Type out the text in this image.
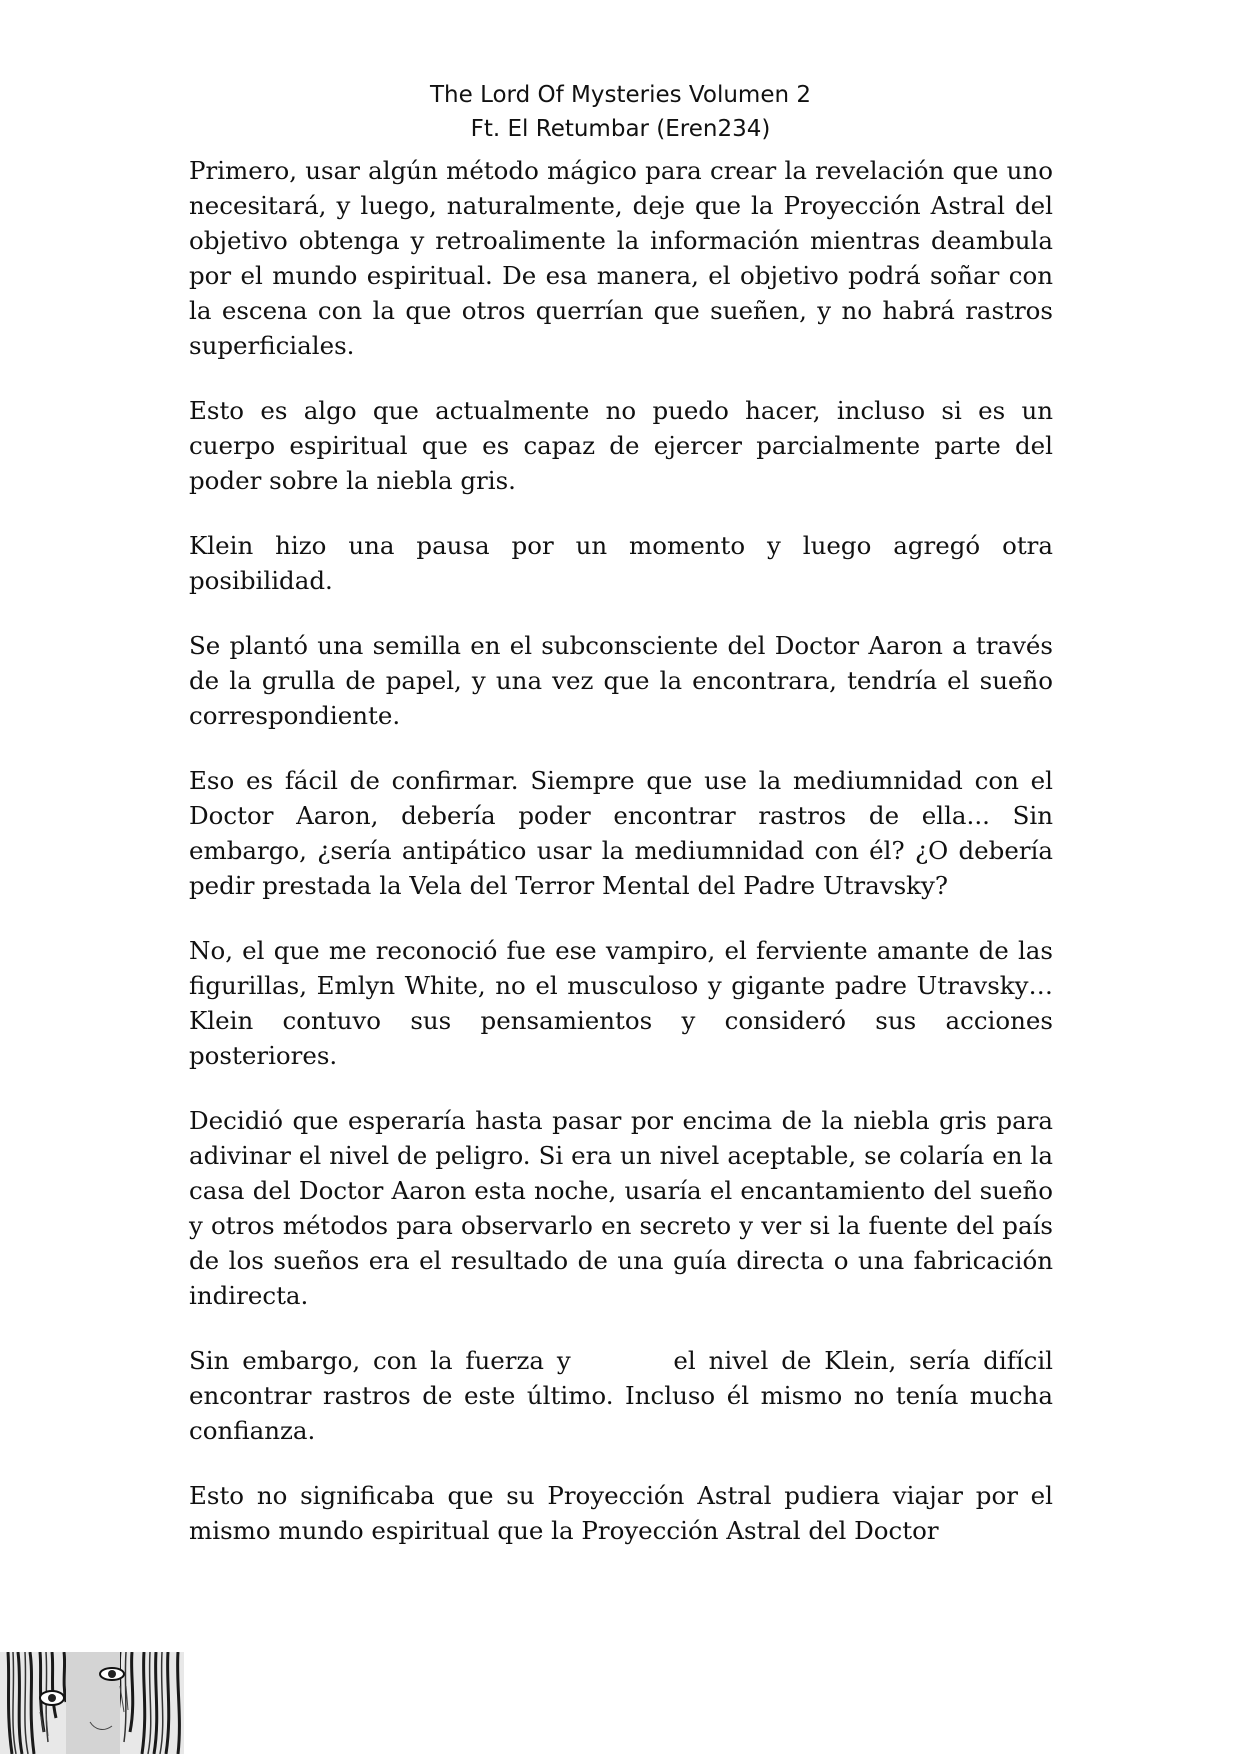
The Lord Of Mysteries Volumen 2
Ft. El Retumbar (Eren234)

Primero, usar algún método mágico para crear la revelación que uno necesitará, y luego, naturalmente, deje que la Proyección Astral del objetivo obtenga y retroalimente la información mientras deambula por el mundo espiritual. De esa manera, el objetivo podrá soñar con la escena con la que otros querrían que sueñen, y no habrá rastros superficiales.

Esto es algo que actualmente no puedo hacer, incluso si es un cuerpo espiritual que es capaz de ejercer parcialmente parte del poder sobre la niebla gris.

Klein hizo una pausa por un momento y luego agregó otra posibilidad.

Se plantó una semilla en el subconsciente del Doctor Aaron a través de la grulla de papel, y una vez que la encontrara, tendría el sueño correspondiente.

Eso es fácil de confirmar. Siempre que use la mediumnidad con el Doctor Aaron, debería poder encontrar rastros de ella... Sin embargo, ¿sería antipático usar la mediumnidad con él? ¿O debería pedir prestada la Vela del Terror Mental del Padre Utravsky?

No, el que me reconoció fue ese vampiro, el ferviente amante de las figurillas, Emlyn White, no el musculoso y gigante padre Utravsky… Klein contuvo sus pensamientos y consideró sus acciones posteriores.

Decidió que esperaría hasta pasar por encima de la niebla gris para adivinar el nivel de peligro. Si era un nivel aceptable, se colaría en la casa del Doctor Aaron esta noche, usaría el encantamiento del sueño y otros métodos para observarlo en secreto y ver si la fuente del país de los sueños era el resultado de una guía directa o una fabricación indirecta.

Sin embargo, con la fuerza y        el nivel de Klein, sería difícil encontrar rastros de este último. Incluso él mismo no tenía mucha confianza.

Esto no significaba que su Proyección Astral pudiera viajar por el mismo mundo espiritual que la Proyección Astral del Doctor
